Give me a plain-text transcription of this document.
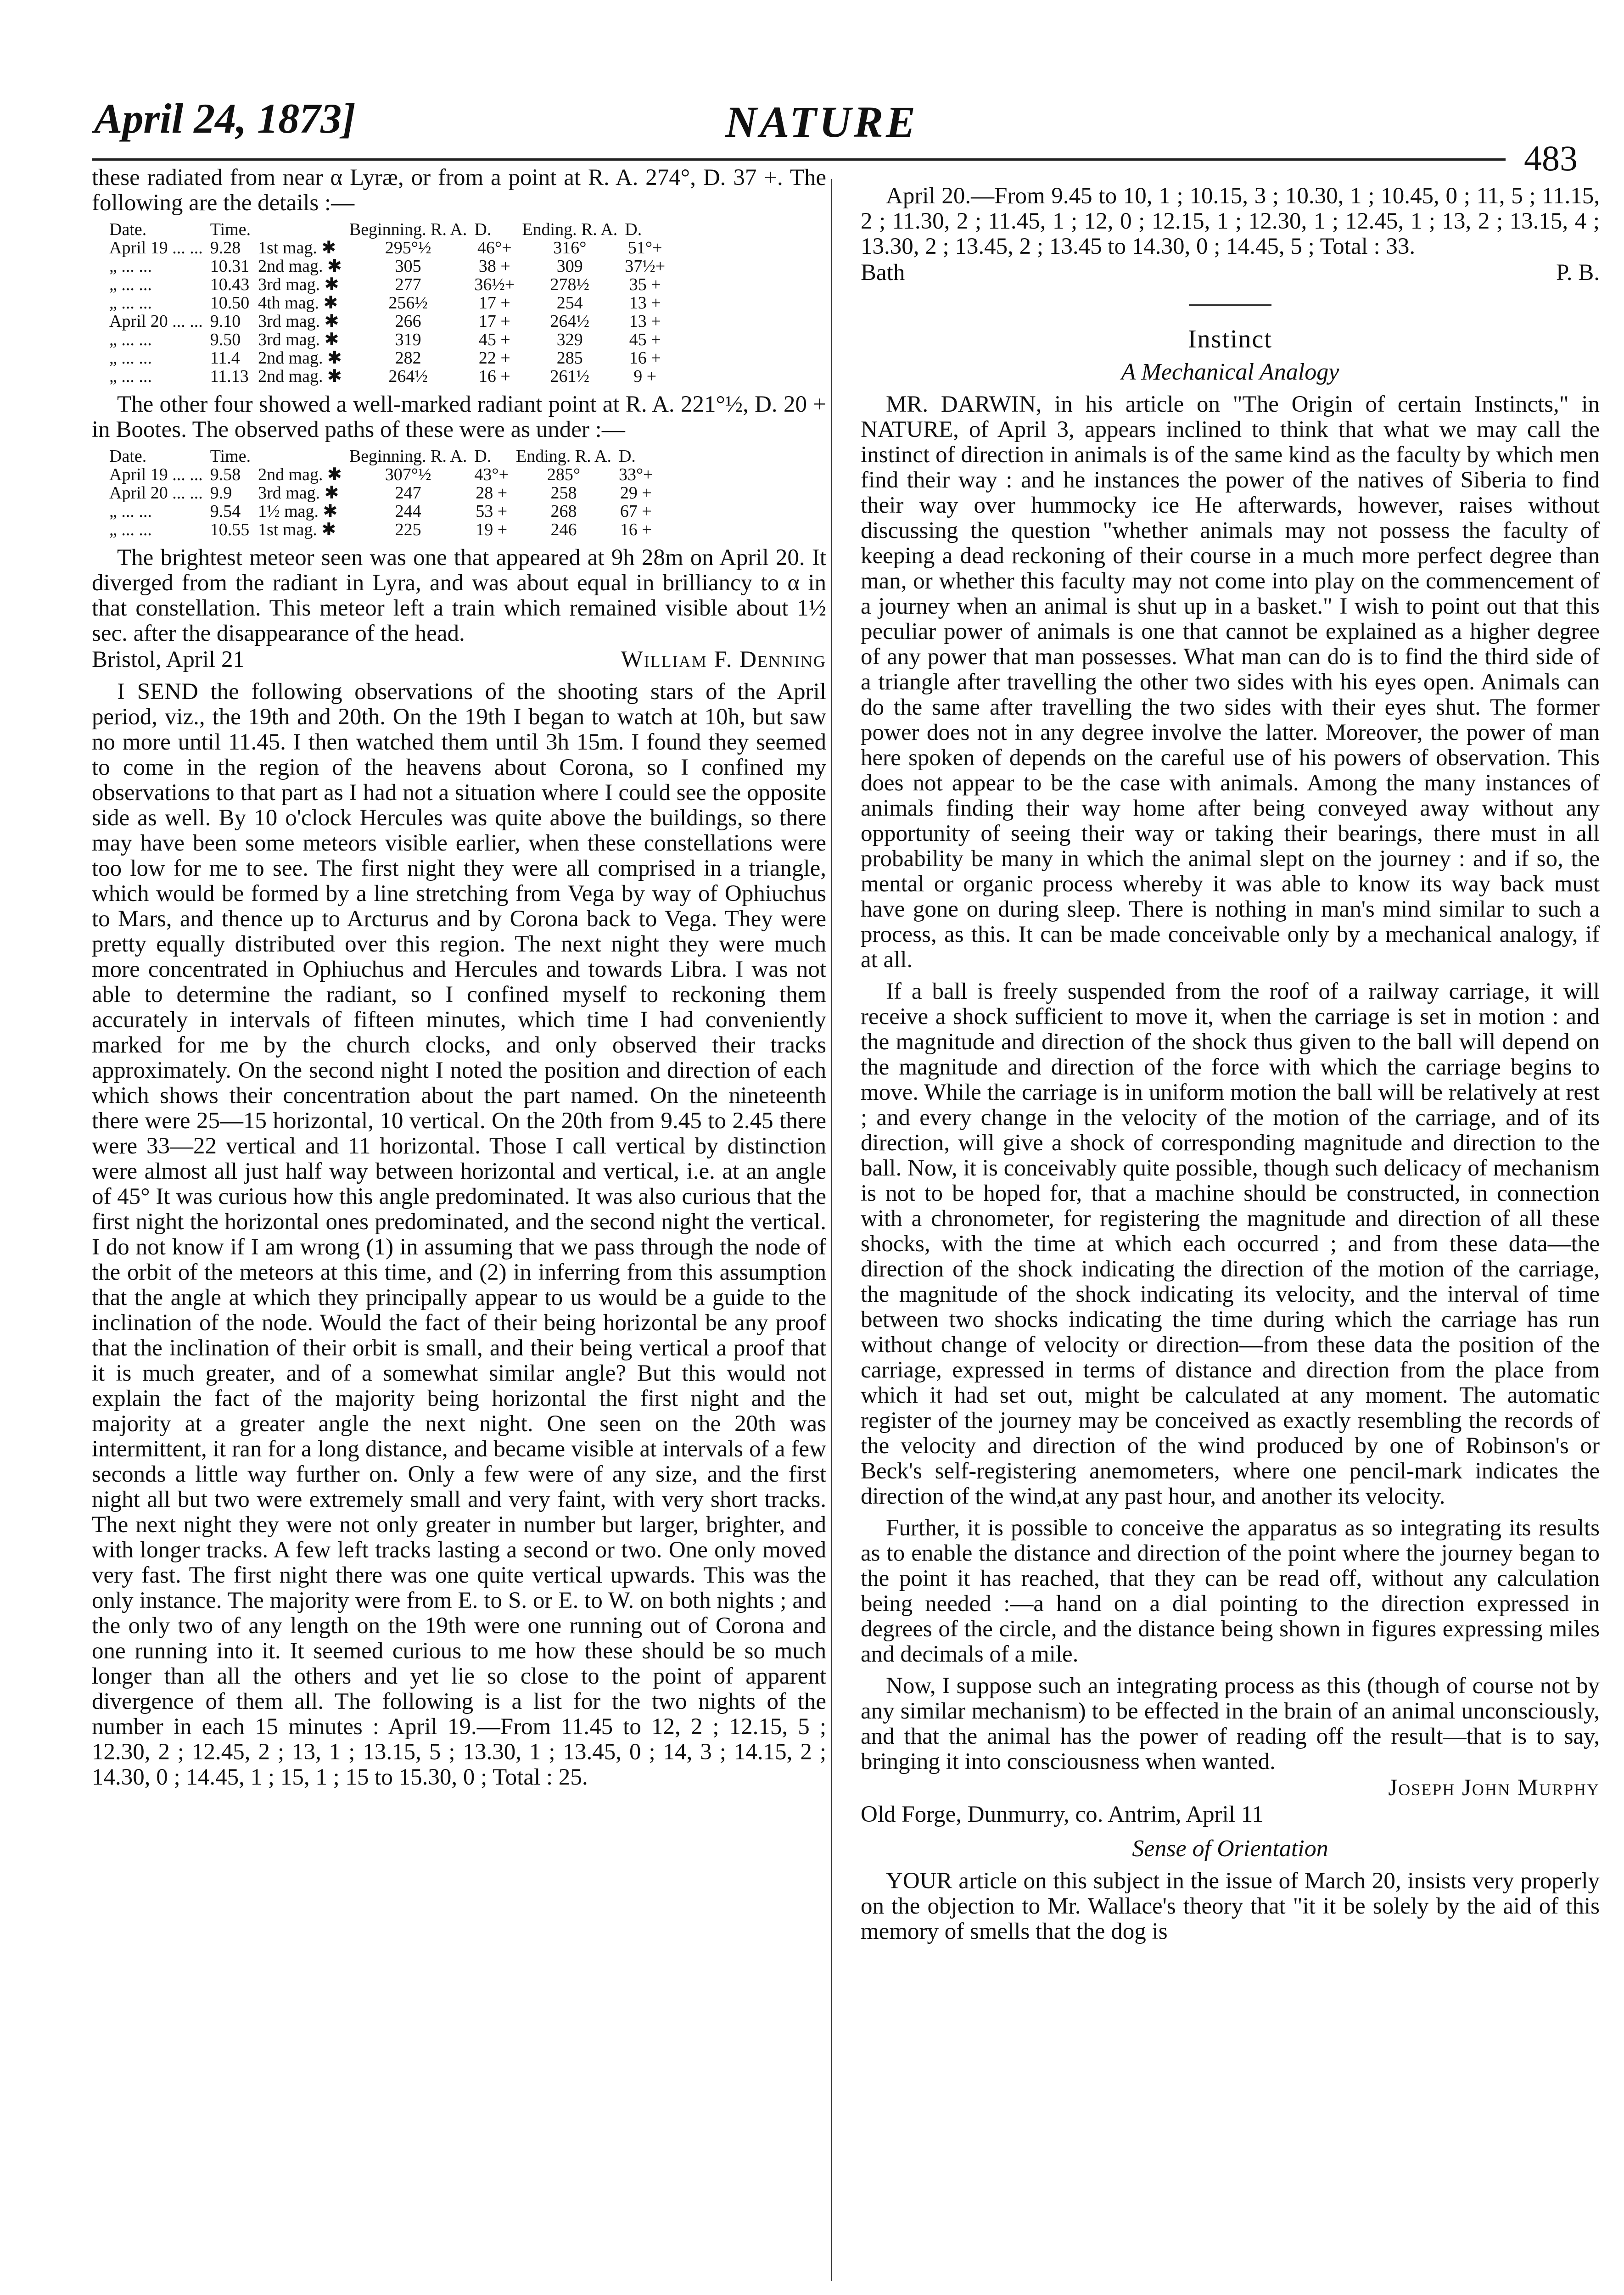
April 24, 1873]	NATURE
483

these radiated from near α Lyræ, or from a point at R. A. 274°, D. 37 +. The following are the details :—

Date.	Time.		Beginning. R. A.	D.	Ending. R. A.	D.
April 19 ... ...	9.28	1st mag. ✱	295°½	46°+	316°	51°+
„ ... ...	10.31	2nd mag. ✱	305	38 +	309	37½+
„ ... ...	10.43	3rd mag. ✱	277	36½+	278½	35 +
„ ... ...	10.50	4th mag. ✱	256½	17 +	254	13 +
April 20 ... ...	9.10	3rd mag. ✱	266	17 +	264½	13 +
„ ... ...	9.50	3rd mag. ✱	319	45 +	329	45 +
„ ... ...	11.4	2nd mag. ✱	282	22 +	285	16 +
„ ... ...	11.13	2nd mag. ✱	264½	16 +	261½	9 +

The other four showed a well-marked radiant point at R. A. 221°½, D. 20 + in Bootes. The observed paths of these were as under :—

Date.	Time.		Beginning. R. A.	D.	Ending. R. A.	D.
April 19 ... ...	9.58	2nd mag. ✱	307°½	43°+	285°	33°+
April 20 ... ...	9.9	3rd mag. ✱	247	28 +	258	29 +
„ ... ...	9.54	1½ mag. ✱	244	53 +	268	67 +
„ ... ...	10.55	1st mag. ✱	225	19 +	246	16 +

The brightest meteor seen was one that appeared at 9h 28m on April 20. It diverged from the radiant in Lyra, and was about equal in brilliancy to α in that constellation. This meteor left a train which remained visible about 1½ sec. after the disappearance of the head.

Bristol, April 21	William F. Denning

I SEND the following observations of the shooting stars of the April period, viz., the 19th and 20th. On the 19th I began to watch at 10h, but saw no more until 11.45. I then watched them until 3h 15m. I found they seemed to come in the region of the heavens about Corona, so I confined my observations to that part as I had not a situation where I could see the opposite side as well. By 10 o'clock Hercules was quite above the buildings, so there may have been some meteors visible earlier, when these constellations were too low for me to see. The first night they were all comprised in a triangle, which would be formed by a line stretching from Vega by way of Ophiuchus to Mars, and thence up to Arcturus and by Corona back to Vega. They were pretty equally distributed over this region. The next night they were much more concentrated in Ophiuchus and Hercules and towards Libra. I was not able to determine the radiant, so I confined myself to reckoning them accurately in intervals of fifteen minutes, which time I had conveniently marked for me by the church clocks, and only observed their tracks approximately. On the second night I noted the position and direction of each which shows their concentration about the part named. On the nineteenth there were 25—15 horizontal, 10 vertical. On the 20th from 9.45 to 2.45 there were 33—22 vertical and 11 horizontal. Those I call vertical by distinction were almost all just half way between horizontal and vertical, i.e. at an angle of 45° It was curious how this angle predominated. It was also curious that the first night the horizontal ones predominated, and the second night the vertical. I do not know if I am wrong (1) in assuming that we pass through the node of the orbit of the meteors at this time, and (2) in inferring from this assumption that the angle at which they principally appear to us would be a guide to the inclination of the node. Would the fact of their being horizontal be any proof that the inclination of their orbit is small, and their being vertical a proof that it is much greater, and of a somewhat similar angle? But this would not explain the fact of the majority being horizontal the first night and the majority at a greater angle the next night. One seen on the 20th was intermittent, it ran for a long distance, and became visible at intervals of a few seconds a little way further on. Only a few were of any size, and the first night all but two were extremely small and very faint, with very short tracks. The next night they were not only greater in number but larger, brighter, and with longer tracks. A few left tracks lasting a second or two. One only moved very fast. The first night there was one quite vertical upwards. This was the only instance. The majority were from E. to S. or E. to W. on both nights ; and the only two of any length on the 19th were one running out of Corona and one running into it. It seemed curious to me how these should be so much longer than all the others and yet lie so close to the point of apparent divergence of them all. The following is a list for the two nights of the number in each 15 minutes : April 19.—From 11.45 to 12, 2 ; 12.15, 5 ; 12.30, 2 ; 12.45, 2 ; 13, 1 ; 13.15, 5 ; 13.30, 1 ; 13.45, 0 ; 14, 3 ; 14.15, 2 ; 14.30, 0 ; 14.45, 1 ; 15, 1 ; 15 to 15.30, 0 ; Total : 25.

April 20.—From 9.45 to 10, 1 ; 10.15, 3 ; 10.30, 1 ; 10.45, 0 ; 11, 5 ; 11.15, 2 ; 11.30, 2 ; 11.45, 1 ; 12, 0 ; 12.15, 1 ; 12.30, 1 ; 12.45, 1 ; 13, 2 ; 13.15, 4 ; 13.30, 2 ; 13.45, 2 ; 13.45 to 14.30, 0 ; 14.45, 5 ; Total : 33.

Bath	P. B.
Instinct
A Mechanical Analogy

MR. DARWIN, in his article on "The Origin of certain Instincts," in NATURE, of April 3, appears inclined to think that what we may call the instinct of direction in animals is of the same kind as the faculty by which men find their way : and he instances the power of the natives of Siberia to find their way over hummocky ice He afterwards, however, raises without discussing the question "whether animals may not possess the faculty of keeping a dead reckoning of their course in a much more perfect degree than man, or whether this faculty may not come into play on the commencement of a journey when an animal is shut up in a basket." I wish to point out that this peculiar power of animals is one that cannot be explained as a higher degree of any power that man possesses. What man can do is to find the third side of a triangle after travelling the other two sides with his eyes open. Animals can do the same after travelling the two sides with their eyes shut. The former power does not in any degree involve the latter. Moreover, the power of man here spoken of depends on the careful use of his powers of observation. This does not appear to be the case with animals. Among the many instances of animals finding their way home after being conveyed away without any opportunity of seeing their way or taking their bearings, there must in all probability be many in which the animal slept on the journey : and if so, the mental or organic process whereby it was able to know its way back must have gone on during sleep. There is nothing in man's mind similar to such a process, as this. It can be made conceivable only by a mechanical analogy, if at all.

If a ball is freely suspended from the roof of a railway carriage, it will receive a shock sufficient to move it, when the carriage is set in motion : and the magnitude and direction of the shock thus given to the ball will depend on the magnitude and direction of the force with which the carriage begins to move. While the carriage is in uniform motion the ball will be relatively at rest ; and every change in the velocity of the motion of the carriage, and of its direction, will give a shock of corresponding magnitude and direction to the ball. Now, it is conceivably quite possible, though such delicacy of mechanism is not to be hoped for, that a machine should be constructed, in connection with a chronometer, for registering the magnitude and direction of all these shocks, with the time at which each occurred ; and from these data—the direction of the shock indicating the direction of the motion of the carriage, the magnitude of the shock indicating its velocity, and the interval of time between two shocks indicating the time during which the carriage has run without change of velocity or direction—from these data the position of the carriage, expressed in terms of distance and direction from the place from which it had set out, might be calculated at any moment. The automatic register of the journey may be conceived as exactly resembling the records of the velocity and direction of the wind produced by one of Robinson's or Beck's self-registering anemometers, where one pencil-mark indicates the direction of the wind,at any past hour, and another its velocity.

Further, it is possible to conceive the apparatus as so integrating its results as to enable the distance and direction of the point where the journey began to the point it has reached, that they can be read off, without any calculation being needed :—a hand on a dial pointing to the direction expressed in degrees of the circle, and the distance being shown in figures expressing miles and decimals of a mile.

Now, I suppose such an integrating process as this (though of course not by any similar mechanism) to be effected in the brain of an animal unconsciously, and that the animal has the power of reading off the result—that is to say, bringing it into consciousness when wanted.

Joseph John Murphy
Old Forge, Dunmurry, co. Antrim, April 11
Sense of Orientation

YOUR article on this subject in the issue of March 20, insists very properly on the objection to Mr. Wallace's theory that "it it be solely by the aid of this memory of smells that the dog is
